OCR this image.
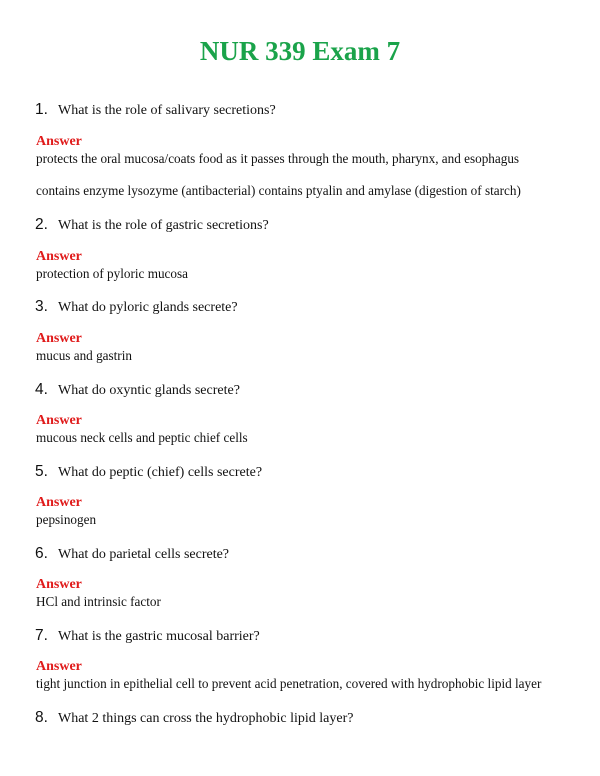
NUR 339 Exam 7
1. What is the role of salivary secretions?
Answer
protects the oral mucosa/coats food as it passes through the mouth, pharynx, and esophagus
contains enzyme lysozyme (antibacterial) contains ptyalin and amylase (digestion of starch)
2. What is the role of gastric secretions?
Answer
protection of pyloric mucosa
3. What do pyloric glands secrete?
Answer
mucus and gastrin
4. What do oxyntic glands secrete?
Answer
mucous neck cells and peptic chief cells
5. What do peptic (chief) cells secrete?
Answer
pepsinogen
6. What do parietal cells secrete?
Answer
HCl and intrinsic factor
7. What is the gastric mucosal barrier?
Answer
tight junction in epithelial cell to prevent acid penetration, covered with hydrophobic lipid layer
8. What 2 things can cross the hydrophobic lipid layer?
